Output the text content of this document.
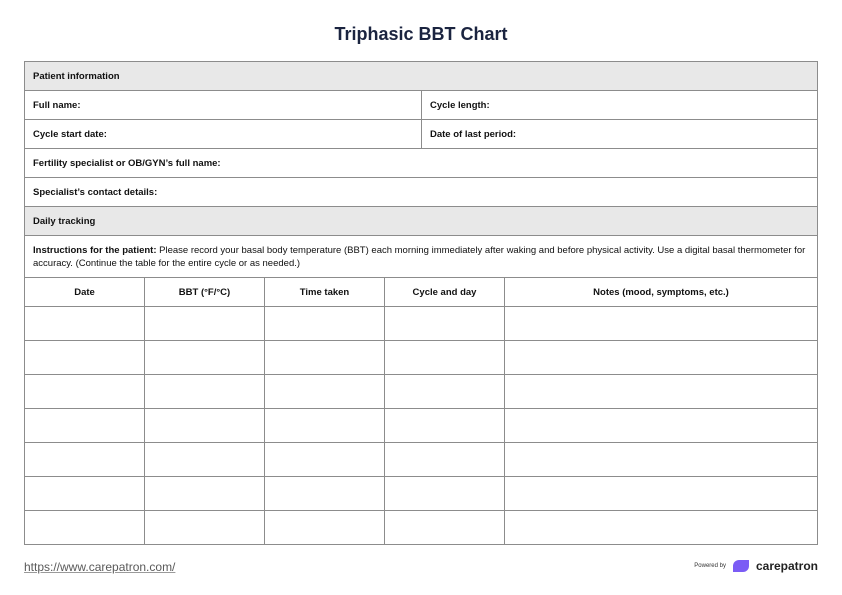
Triphasic BBT Chart
Patient information
Full name:	Cycle length:
Cycle start date:	Date of last period:
Fertility specialist or OB/GYN’s full name:
Specialist’s contact details:
Daily tracking
Instructions for the patient: Please record your basal body temperature (BBT) each morning immediately after waking and before physical activity. Use a digital basal thermometer for accuracy. (Continue the table for the entire cycle or as needed.)
Date	BBT (°F/°C)	Time taken	Cycle and day	Notes (mood, symptoms, etc.)
https://www.carepatron.com/	Powered by	carepatron
